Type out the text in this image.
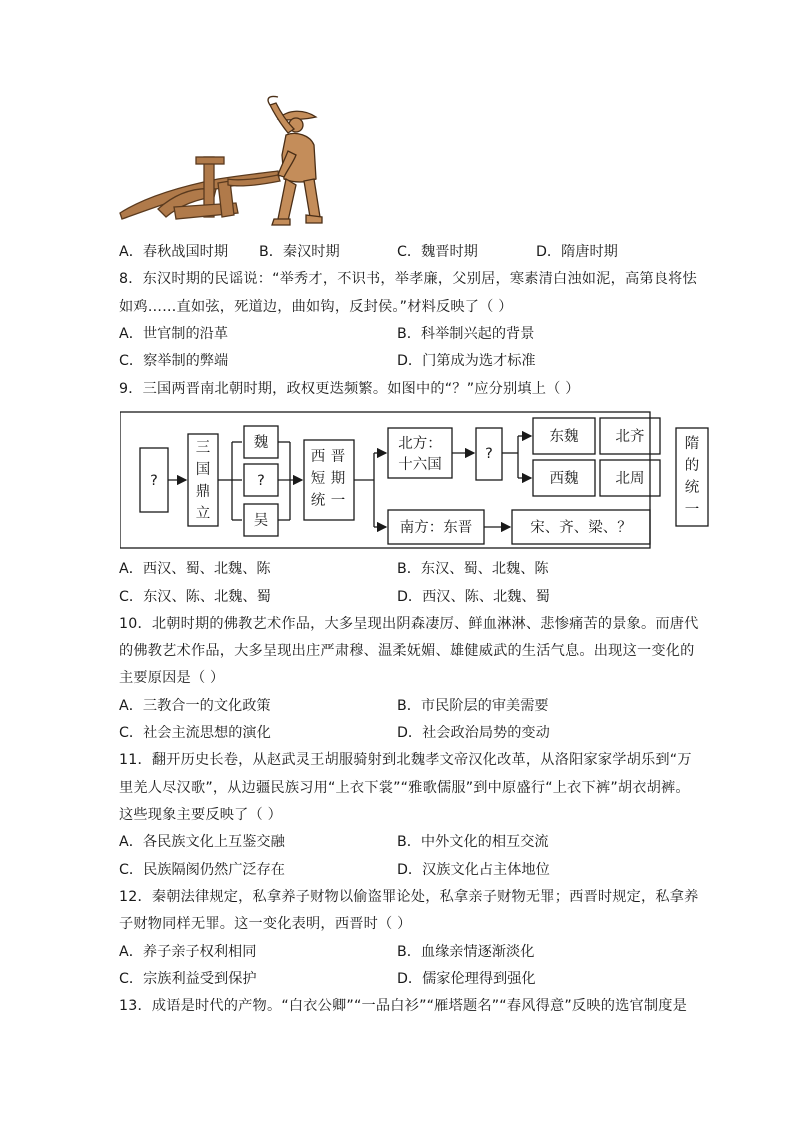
A．春秋战国时期 B．秦汉时期	C．魏晋时期	D．隋唐时期
8．东汉时期的民谣说：“举秀才，不识书，举孝廉，父别居，寒素清白浊如泥，高第良将怯
如鸡……直如弦，死道边，曲如钩，反封侯。”材料反映了（ ）
A．世官制的沿革	B．科举制兴起的背景
C．察举制的弊端	D．门第成为选才标准
9．三国两晋南北朝时期，政权更迭频繁。如图中的“？”应分别填上（ ）
?
三
国
鼎
立
魏
?
吴
西 晋
短 期
统 一
北方：
十六国
?
东魏	北齐
西魏	北周
南方：东晋	宋、齐、梁、？
隋
的
统
一
A．西汉、蜀、北魏、陈	B．东汉、蜀、北魏、陈
C．东汉、陈、北魏、蜀	D．西汉、陈、北魏、蜀
10．北朝时期的佛教艺术作品，大多呈现出阴森凄厉、鲜血淋淋、悲惨痛苦的景象。而唐代
的佛教艺术作品，大多呈现出庄严肃穆、温柔妩媚、雄健威武的生活气息。出现这一变化的
主要原因是（ ）
A．三教合一的文化政策	B．市民阶层的审美需要
C．社会主流思想的演化	D．社会政治局势的变动
11．翻开历史长卷，从赵武灵王胡服骑射到北魏孝文帝汉化改革，从洛阳家家学胡乐到“万
里羌人尽汉歌”，从边疆民族习用“上衣下裳”“雅歌儒服”到中原盛行“上衣下裤”胡衣胡裤。
这些现象主要反映了（ ）
A．各民族文化上互鉴交融	B．中外文化的相互交流
C．民族隔阂仍然广泛存在	D．汉族文化占主体地位
12．秦朝法律规定，私拿养子财物以偷盗罪论处，私拿亲子财物无罪；西晋时规定，私拿养
子财物同样无罪。这一变化表明，西晋时（ ）
A．养子亲子权利相同	B．血缘亲情逐渐淡化
C．宗族利益受到保护	D．儒家伦理得到强化
13．成语是时代的产物。“白衣公卿”“一品白衫”“雁塔题名”“春风得意”反映的选官制度是
